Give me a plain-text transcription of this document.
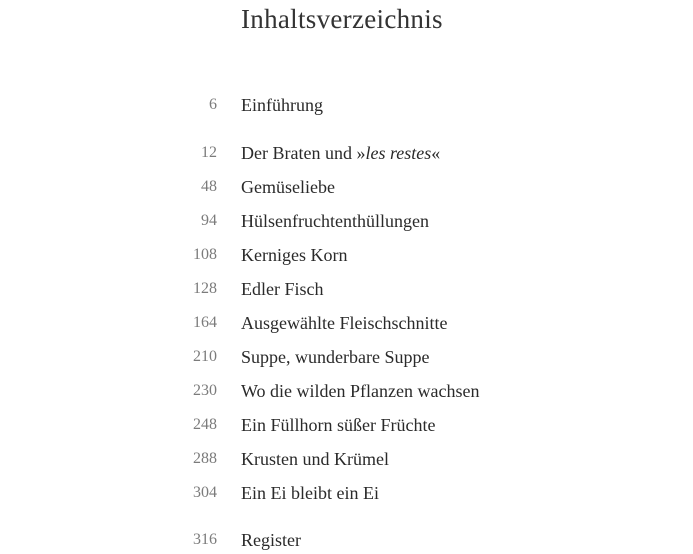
Inhaltsverzeichnis
6 Einführung
12 Der Braten und »les restes«
48 Gemüseliebe
94 Hülsenfruchtenthüllungen
108 Kerniges Korn
128 Edler Fisch
164 Ausgewählte Fleischschnitte
210 Suppe, wunderbare Suppe
230 Wo die wilden Pflanzen wachsen
248 Ein Füllhorn süßer Früchte
288 Krusten und Krümel
304 Ein Ei bleibt ein Ei
316 Register
